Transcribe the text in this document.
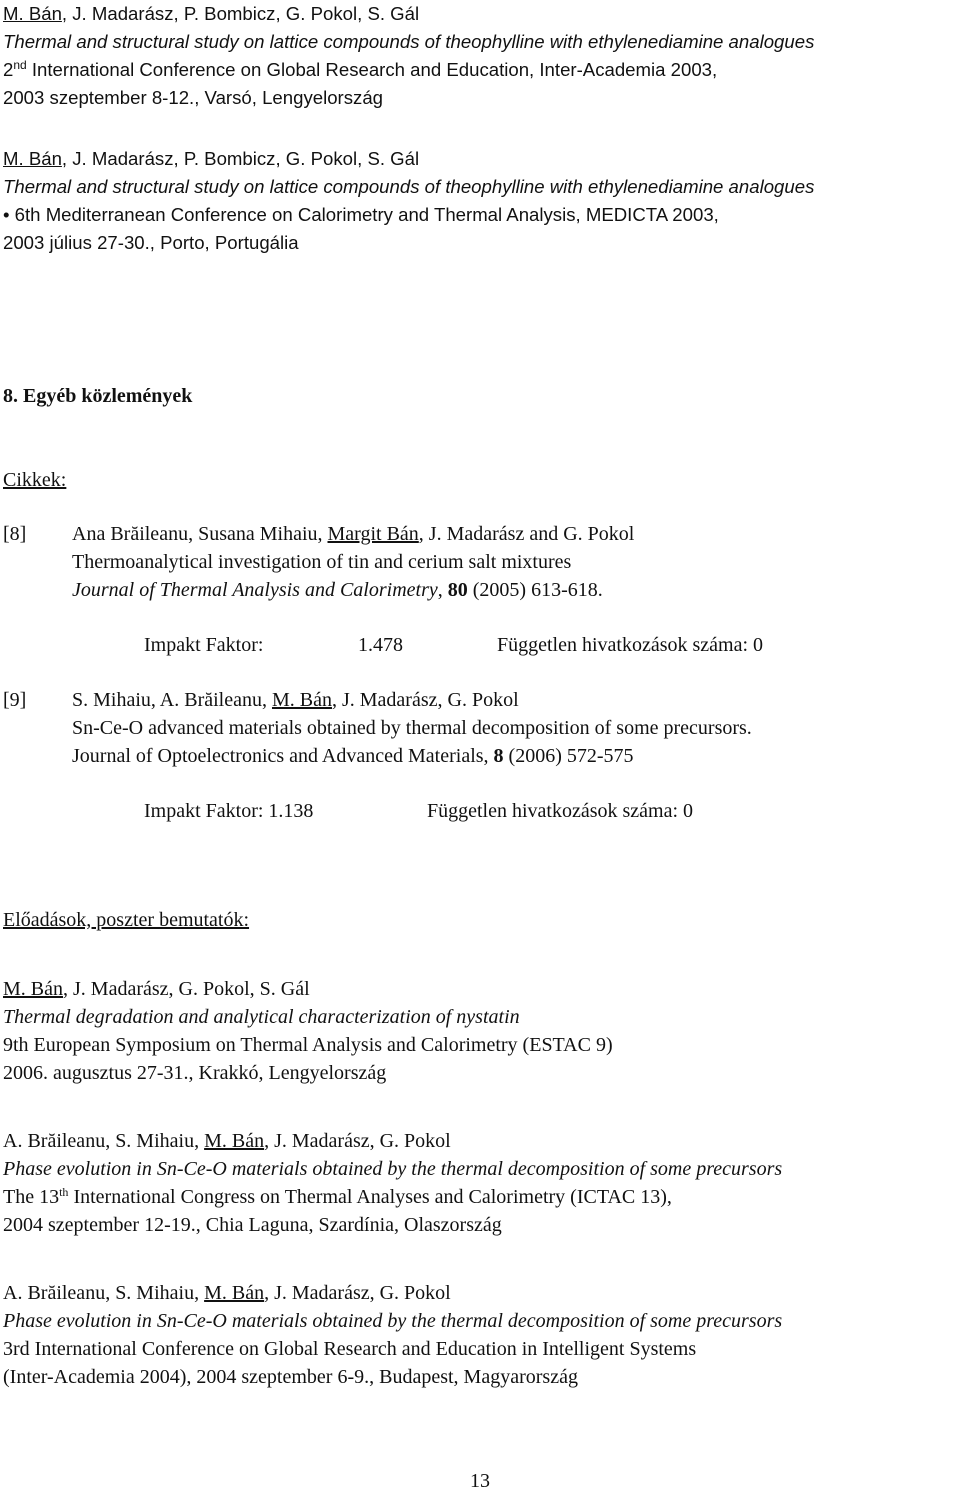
M. Bán, J. Madarász, P. Bombicz, G. Pokol, S. Gál
Thermal and structural study on lattice compounds of theophylline with ethylenediamine analogues
2nd International Conference on Global Research and Education, Inter-Academia 2003,
2003 szeptember 8-12., Varsó, Lengyelország
M. Bán, J. Madarász, P. Bombicz, G. Pokol, S. Gál
Thermal and structural study on lattice compounds of theophylline with ethylenediamine analogues
• 6th Mediterranean Conference on Calorimetry and Thermal Analysis, MEDICTA 2003,
2003 július 27-30., Porto, Portugália
8. Egyéb közlemények
Cikkek:
[8] Ana Brăileanu, Susana Mihaiu, Margit Bán, J. Madarász and G. Pokol
Thermoanalytical investigation of tin and cerium salt mixtures
Journal of Thermal Analysis and Calorimetry, 80 (2005) 613-618.
Impakt Faktor:	1.478	Független hivatkozások száma: 0
[9] S. Mihaiu, A. Brăileanu, M. Bán, J. Madarász, G. Pokol
Sn-Ce-O advanced materials obtained by thermal decomposition of some precursors.
Journal of Optoelectronics and Advanced Materials, 8 (2006) 572-575
Impakt Faktor: 1.138	Független hivatkozások száma: 0
Előadások, poszter bemutatók:
M. Bán, J. Madarász, G. Pokol, S. Gál
Thermal degradation and analytical characterization of nystatin
9th European Symposium on Thermal Analysis and Calorimetry (ESTAC 9)
2006. augusztus 27-31., Krakkó, Lengyelország
A. Brăileanu, S. Mihaiu, M. Bán, J. Madarász, G. Pokol
Phase evolution in Sn-Ce-O materials obtained by the thermal decomposition of some precursors
The 13th International Congress on Thermal Analyses and Calorimetry (ICTAC 13),
2004 szeptember 12-19., Chia Laguna, Szardínia, Olaszország
A. Brăileanu, S. Mihaiu, M. Bán, J. Madarász, G. Pokol
Phase evolution in Sn-Ce-O materials obtained by the thermal decomposition of some precursors
3rd International Conference on Global Research and Education in Intelligent Systems
(Inter-Academia 2004), 2004 szeptember 6-9., Budapest, Magyarország
13
